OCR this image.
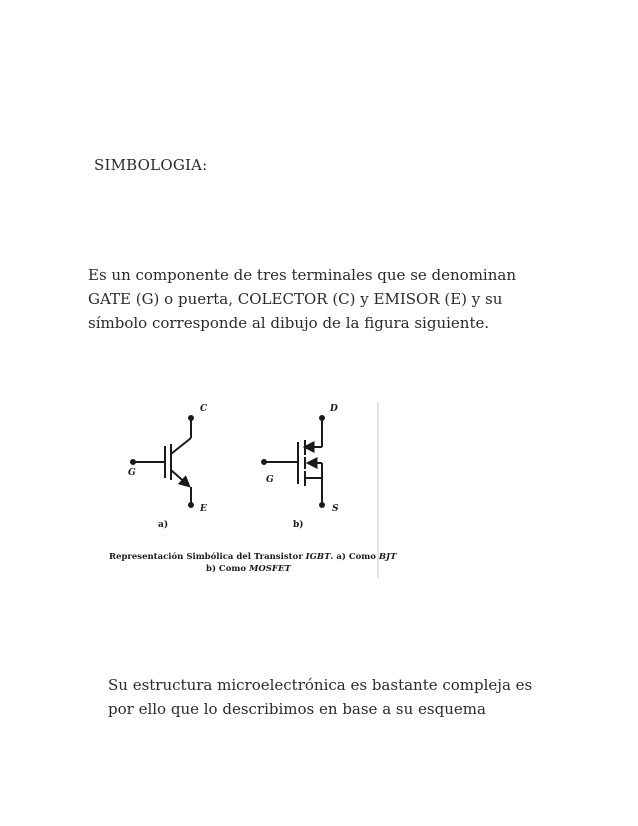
SIMBOLOGIA:

Es un componente de tres terminales que se denominan
GATE (G) o puerta, COLECTOR (C) y EMISOR (E) y su
símbolo corresponde al dibujo de la figura siguiente.

C
G
E
a)
D
G
S
b)
Representación Simbólica del Transistor IGBT. a) Como BJT
b) Como MOSFET

Su estructura microelectrónica es bastante compleja es
por ello que lo describimos en base a su esquema
